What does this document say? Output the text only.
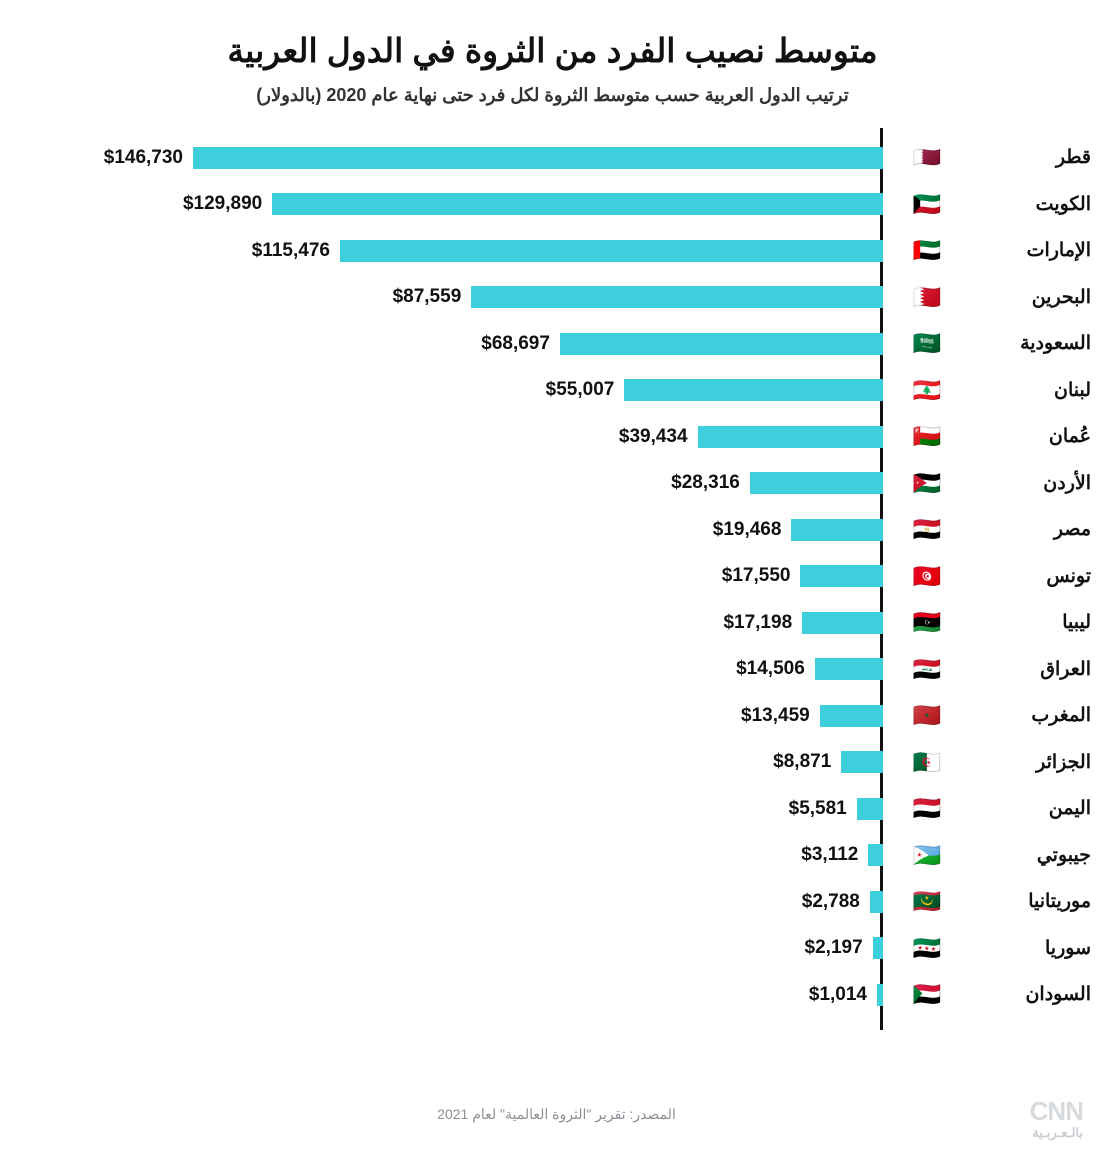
متوسط نصيب الفرد من الثروة في الدول العربية
ترتيب الدول العربية حسب متوسط الثروة لكل فرد حتى نهاية عام 2020 (بالدولار)
قطر
🇶🇦
$146,730
الكويت
🇰🇼
$129,890
الإمارات
🇦🇪
$115,476
البحرين
🇧🇭
$87,559
السعودية
🇸🇦
$68,697
لبنان
🇱🇧
$55,007
عُمان
🇴🇲
$39,434
الأردن
🇯🇴
$28,316
مصر
🇪🇬
$19,468
تونس
🇹🇳
$17,550
ليبيا
🇱🇾
$17,198
العراق
🇮🇶
$14,506
المغرب
🇲🇦
$13,459
الجزائر
🇩🇿
$8,871
اليمن
🇾🇪
$5,581
جيبوتي
🇩🇯
$3,112
موريتانيا
🇲🇷
$2,788
سوريا
🇸🇾
$2,197
السودان
🇸🇩
$1,014
المصدر: تقرير "الثروة العالمية" لعام 2021	CNN
بالـعـربـية
